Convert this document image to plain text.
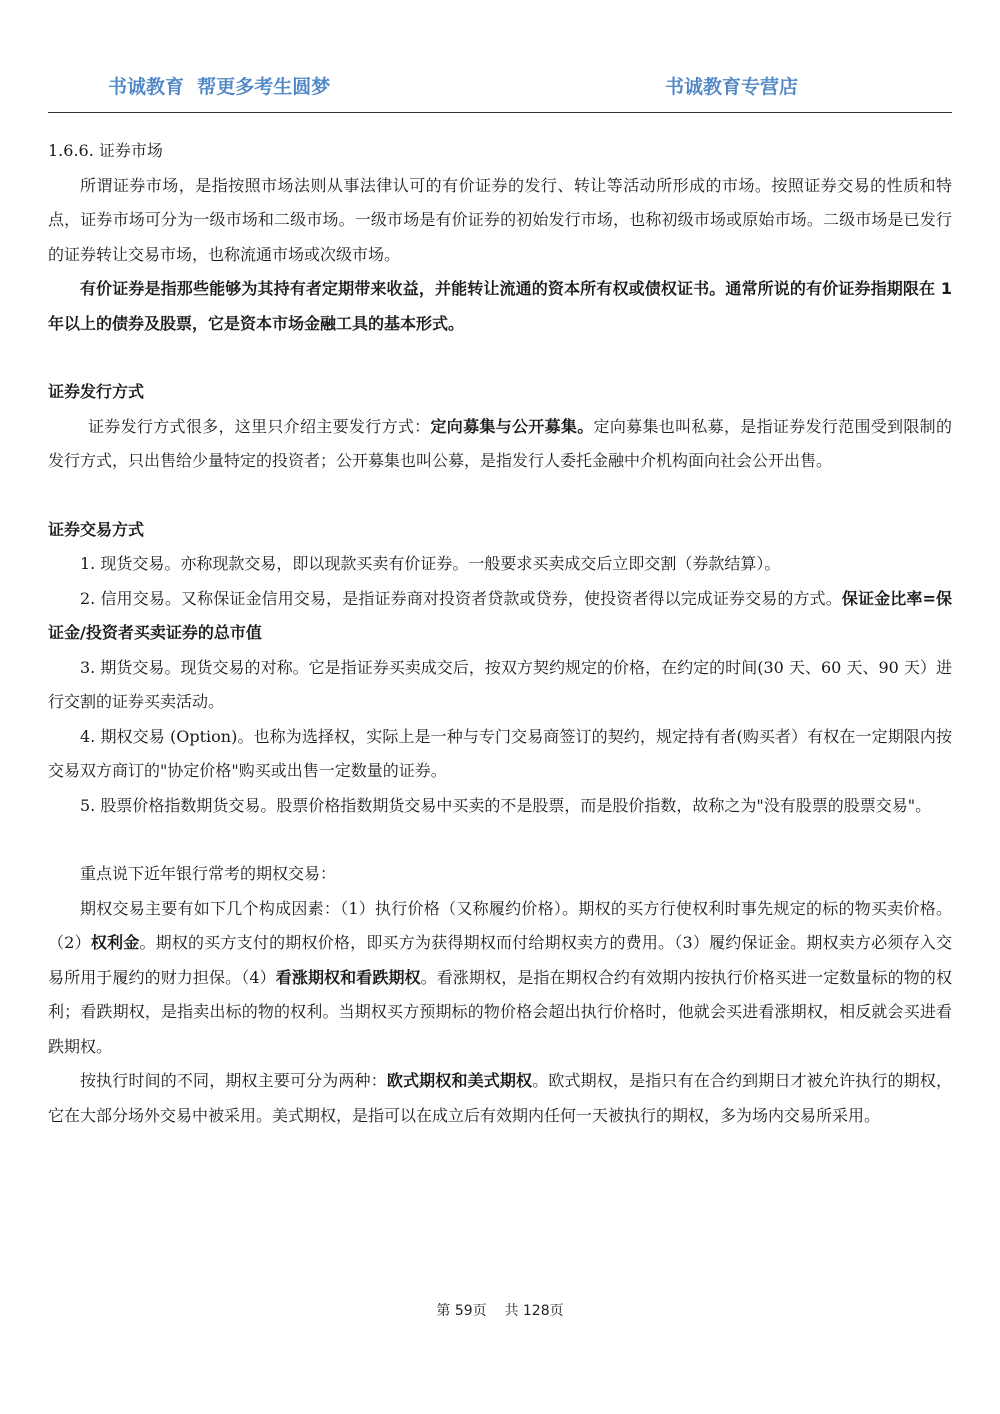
书诚教育  帮更多考生圆梦	书诚教育专营店

1.6.6. 证券市场

所谓证券市场，是指按照市场法则从事法律认可的有价证券的发行、转让等活动所形成的市场。按照证券交易的性质和特点，证券市场可分为一级市场和二级市场。一级市场是有价证券的初始发行市场，也称初级市场或原始市场。二级市场是已发行的证券转让交易市场，也称流通市场或次级市场。

有价证券是指那些能够为其持有者定期带来收益，并能转让流通的资本所有权或债权证书。通常所说的有价证券指期限在 1 年以上的债券及股票，它是资本市场金融工具的基本形式。

证券发行方式

证券发行方式很多，这里只介绍主要发行方式：定向募集与公开募集。定向募集也叫私募，是指证券发行范围受到限制的发行方式，只出售给少量特定的投资者；公开募集也叫公募，是指发行人委托金融中介机构面向社会公开出售。

证券交易方式

1. 现货交易。亦称现款交易，即以现款买卖有价证券。一般要求买卖成交后立即交割（券款结算）。

2. 信用交易。又称保证金信用交易，是指证券商对投资者贷款或贷券，使投资者得以完成证券交易的方式。保证金比率=保证金/投资者买卖证券的总市值

3. 期货交易。现货交易的对称。它是指证券买卖成交后，按双方契约规定的价格，在约定的时间(30 天、60 天、90 天）进行交割的证券买卖活动。

4. 期权交易 (Option)。也称为选择权，实际上是一种与专门交易商签订的契约，规定持有者(购买者）有权在一定期限内按交易双方商订的"协定价格"购买或出售一定数量的证券。

5. 股票价格指数期货交易。股票价格指数期货交易中买卖的不是股票，而是股价指数，故称之为"没有股票的股票交易"。

重点说下近年银行常考的期权交易：

期权交易主要有如下几个构成因素：（1）执行价格（又称履约价格）。期权的买方行使权利时事先规定的标的物买卖价格。（2）权利金。期权的买方支付的期权价格，即买方为获得期权而付给期权卖方的费用。（3）履约保证金。期权卖方必须存入交易所用于履约的财力担保。（4）看涨期权和看跌期权。看涨期权，是指在期权合约有效期内按执行价格买进一定数量标的物的权利；看跌期权，是指卖出标的物的权利。当期权买方预期标的物价格会超出执行价格时，他就会买进看涨期权，相反就会买进看跌期权。

按执行时间的不同，期权主要可分为两种：欧式期权和美式期权。欧式期权，是指只有在合约到期日才被允许执行的期权，它在大部分场外交易中被采用。美式期权，是指可以在成立后有效期内任何一天被执行的期权，多为场内交易所采用。

第 59页    共 128页
